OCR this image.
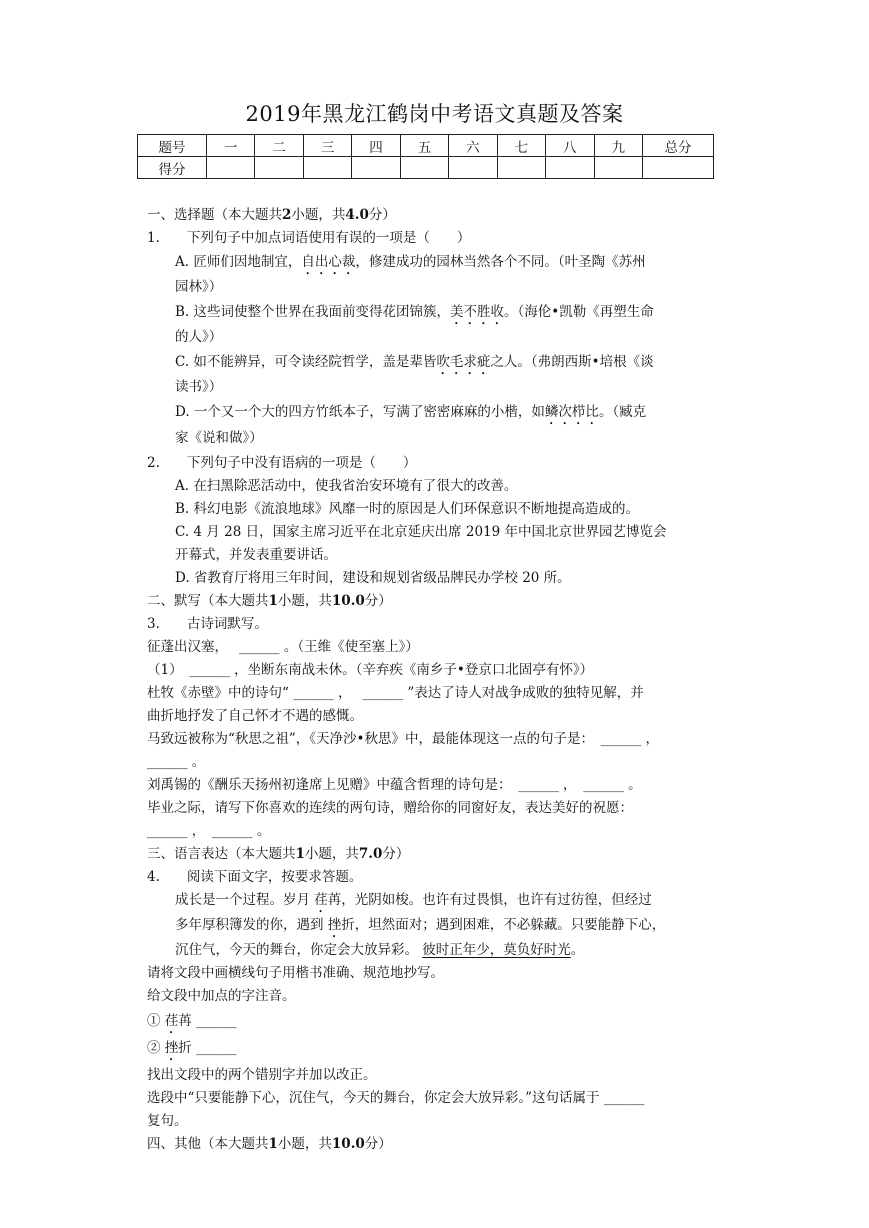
2019年黑龙江鹤岗中考语文真题及答案
题号	一	二	三	四	五	六	七	八	九	总分
得分										
一、选择题（本大题共2小题，共4.0分）
1.　　下列句子中加点词语使用有误的一项是（　　）
A. 匠师们因地制宜，自出心裁，修建成功的园林当然各个不同。（叶圣陶《苏州
园林》）
B. 这些词使整个世界在我面前变得花团锦簇，美不胜收。（海伦•凯勒《再塑生命
的人》）
C. 如不能辨异，可令读经院哲学，盖是辈皆吹毛求疵之人。（弗朗西斯•培根《谈
读书》）
D. 一个又一个大的四方竹纸本子，写满了密密麻麻的小楷，如鳞次栉比。（臧克
家《说和做》）
2.　　下列句子中没有语病的一项是（　　）
A. 在扫黑除恶活动中，使我省治安环境有了很大的改善。
B. 科幻电影《流浪地球》风靡一时的原因是人们环保意识不断地提高造成的。
C. 4 月 28 日，国家主席习近平在北京延庆出席 2019 年中国北京世界园艺博览会
开幕式，并发表重要讲话。
D. 省教育厅将用三年时间，建设和规划省级品牌民办学校 20 所。
二、默写（本大题共1小题，共10.0分）
3.　　古诗词默写。
征蓬出汉塞，　 ______ 。（王维《使至塞上》）
（1）　______ ，坐断东南战未休。（辛弃疾《南乡子•登京口北固亭有怀》）
杜牧《赤壁》中的诗句“ ______ ，　 ______ ”表达了诗人对战争成败的独特见解，并
曲折地抒发了自己怀才不遇的感慨。
马致远被称为“秋思之祖”，《天净沙•秋思》中，最能体现这一点的句子是：　______ ，
______ 。
刘禹锡的《酬乐天扬州初逢席上见赠》中蕴含哲理的诗句是：　______ ，　______ 。
毕业之际，请写下你喜欢的连续的两句诗，赠给你的同窗好友，表达美好的祝愿：
______ ，　______ 。
三、语言表达（本大题共1小题，共7.0分）
4.　　阅读下面文字，按要求答题。
成长是一个过程。岁月 荏苒，光阴如梭。也许有过畏惧，也许有过彷徨，但经过
多年厚积簿发的你，遇到 挫折，坦然面对；遇到困难，不必躲藏。只要能静下心，
沉住气，今天的舞台，你定会大放异彩。 彼时正年少，莫负好时光。
请将文段中画横线句子用楷书准确、规范地抄写。
给文段中加点的字注音。
① 荏苒 ______
② 挫折 ______
找出文段中的两个错别字并加以改正。
选段中“只要能静下心，沉住气，今天的舞台，你定会大放异彩。”这句话属于 ______
复句。
四、其他（本大题共1小题，共10.0分）
